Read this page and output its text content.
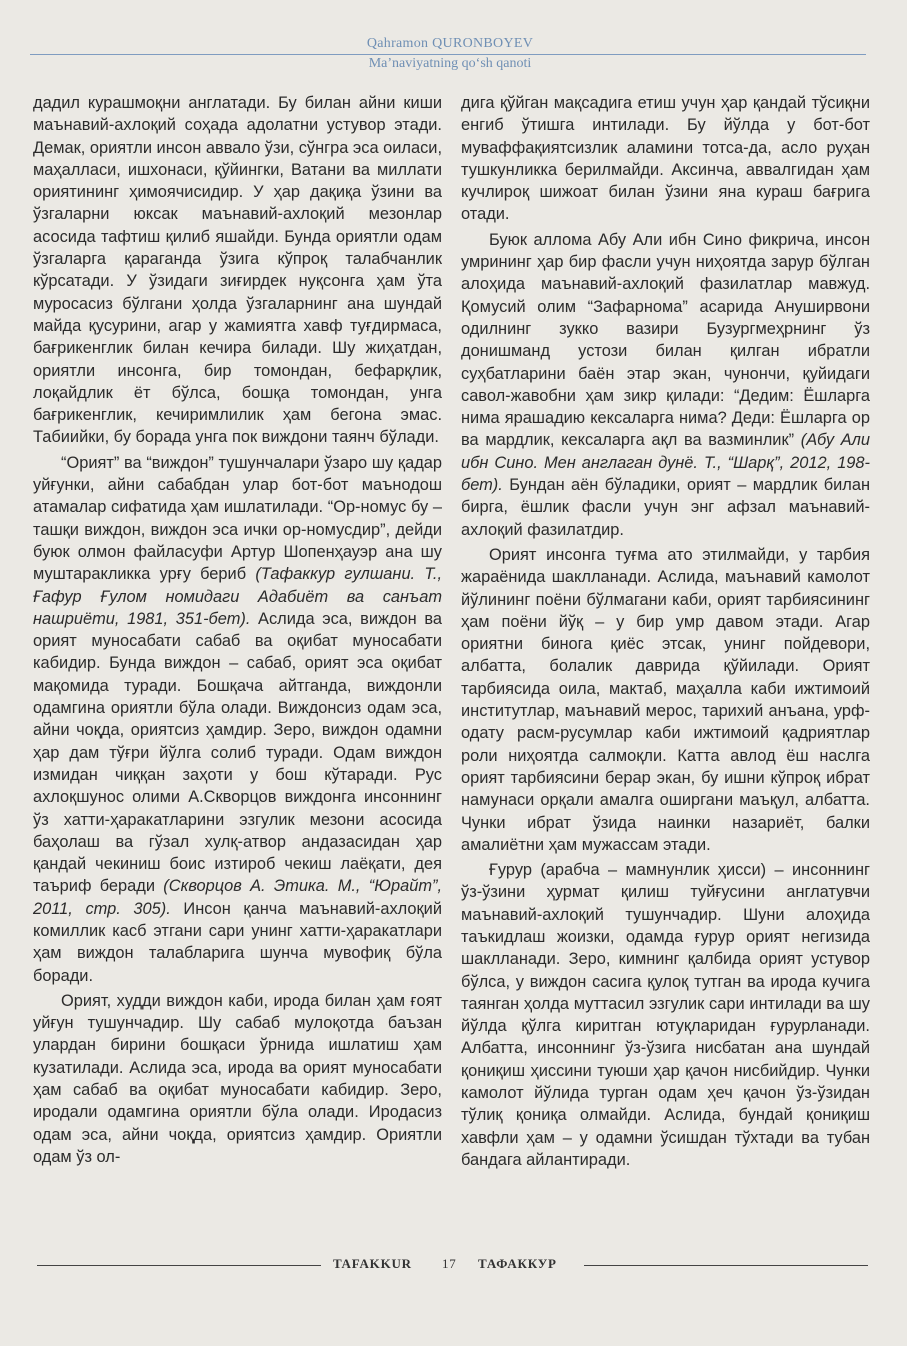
Qahramon QURONBOYEV
Ma’naviyatning qo‘sh qanoti

дадил курашмоқни англатади. Бу билан айни киши маънавий-ахлоқий соҳада адолатни устувор этади. Демак, ориятли инсон аввало ўзи, сўнгра эса оиласи, маҳалласи, ишхонаси, қўйингки, Ватани ва миллати ориятининг ҳимоячисидир. У ҳар дақиқа ўзини ва ўзгаларни юксак маънавий-ахлоқий мезонлар асосида тафтиш қилиб яшайди. Бунда ориятли одам ўзгаларга қараганда ўзига кўпроқ талабчанлик кўрсатади. У ўзидаги зиғирдек нуқсонга ҳам ўта муросасиз бўлгани ҳолда ўзгаларнинг ана шундай майда қусурини, агар у жамиятга хавф туғдирмаса, бағрикенглик билан кечира билади. Шу жиҳатдан, ориятли инсонга, бир томондан, бефарқлик, лоқайдлик ёт бўлса, бошқа томондан, унга бағрикенглик, кечиримлилик ҳам бегона эмас. Табиийки, бу борада унга пок виждони таянч бўлади.

“Орият” ва “виждон” тушунчалари ўзаро шу қадар уйғунки, айни сабабдан улар бот-бот маънодош атамалар сифатида ҳам ишлатилади. “Ор-номус бу – ташқи виждон, виждон эса ички ор-номусдир”, дейди буюк олмон файласуфи Артур Шопенҳауэр ана шу муштаракликка урғу бериб (Тафаккур гулшани. Т., Ғафур Ғулом номидаги Адабиёт ва санъат нашриёти, 1981, 351-бет). Аслида эса, виждон ва орият муносабати сабаб ва оқибат муносабати кабидир. Бунда виждон – сабаб, орият эса оқибат мақомида туради. Бошқача айтганда, виждонли одамгина ориятли бўла олади. Виждонсиз одам эса, айни чоқда, ориятсиз ҳамдир. Зеро, виждон одамни ҳар дам тўғри йўлга солиб туради. Одам виждон измидан чиққан заҳоти у бош кўтаради. Рус ахлоқшунос олими А.Скворцов виждонга инсоннинг ўз хатти-ҳаракатларини эзгулик мезони асосида баҳолаш ва гўзал хулқ-атвор андазасидан ҳар қандай чекиниш боис изтироб чекиш лаёқати, дея таъриф беради (Скворцов А. Этика. М., “Юрайт”, 2011, стр. 305). Инсон қанча маънавий-ахлоқий комиллик касб этгани сари унинг хатти-ҳаракатлари ҳам виждон талабларига шунча мувофиқ бўла боради.

Орият, худди виждон каби, ирода билан ҳам ғоят уйғун тушунчадир. Шу сабаб мулоқотда баъзан улардан бирини бошқаси ўрнида ишлатиш ҳам кузатилади. Аслида эса, ирода ва орият муносабати ҳам сабаб ва оқибат муносабати кабидир. Зеро, иродали одамгина ориятли бўла олади. Иродасиз одам эса, айни чоқда, ориятсиз ҳамдир. Ориятли одам ўз ол-

дига қўйган мақсадига етиш учун ҳар қандай тўсиқни енгиб ўтишга интилади. Бу йўлда у бот-бот муваффақиятсизлик аламини тотса-да, асло руҳан тушкунликка берилмайди. Аксинча, аввалгидан ҳам кучлироқ шижоат билан ўзини яна кураш бағрига отади.

Буюк аллома Абу Али ибн Сино фикрича, инсон умрининг ҳар бир фасли учун ниҳоятда зарур бўлган алоҳида маънавий-ахлоқий фазилатлар мавжуд. Қомусий олим “Зафарнома” асарида Ануширвони одилнинг зукко вазири Бузургмеҳрнинг ўз донишманд устози билан қилган ибратли суҳбатларини баён этар экан, чунончи, қуйидаги савол-жавобни ҳам зикр қилади: “Дедим: Ёшларга нима ярашадию кексаларга нима? Деди: Ёшларга ор ва мардлик, кексаларга ақл ва вазминлик” (Абу Али ибн Сино. Мен англаган дунё. Т., “Шарқ”, 2012, 198-бет). Бундан аён бўладики, орият – мардлик билан бирга, ёшлик фасли учун энг афзал маънавий-ахлоқий фазилатдир.

Орият инсонга туғма ато этилмайди, у тарбия жараёнида шаклланади. Аслида, маънавий камолот йўлининг поёни бўлмагани каби, орият тарбиясининг ҳам поёни йўқ – у бир умр давом этади. Агар ориятни бинога қиёс этсак, унинг пойдевори, албатта, болалик даврида қўйилади. Орият тарбиясида оила, мактаб, маҳалла каби ижтимоий институтлар, маънавий мерос, тарихий анъана, урф-одату расм-русумлар каби ижтимоий қадриятлар роли ниҳоятда салмоқли. Катта авлод ёш наслга орият тарбиясини берар экан, бу ишни кўпроқ ибрат намунаси орқали амалга оширгани маъқул, албатта. Чунки ибрат ўзида наинки назариёт, балки амалиётни ҳам мужассам этади.

Ғурур (арабча – мамнунлик ҳисси) – инсоннинг ўз-ўзини ҳурмат қилиш туйғусини англатувчи маънавий-ахлоқий тушунчадир. Шуни алоҳида таъкидлаш жоизки, одамда ғурур орият негизида шаклланади. Зеро, кимнинг қалбида орият устувор бўлса, у виждон сасига қулоқ тутган ва ирода кучига таянган ҳолда муттасил эзгулик сари интилади ва шу йўлда қўлга киритган ютуқларидан ғурурланади. Албатта, инсоннинг ўз-ўзига нисбатан ана шундай қониқиш ҳиссини туюши ҳар қачон нисбийдир. Чунки камолот йўлида турган одам ҳеч қачон ўз-ўзидан тўлиқ қониқа олмайди. Аслида, бундай қониқиш хавфли ҳам – у одамни ўсишдан тўхтади ва тубан бандага айлантиради.

TAFAKKUR 17 ТАФАККУР
